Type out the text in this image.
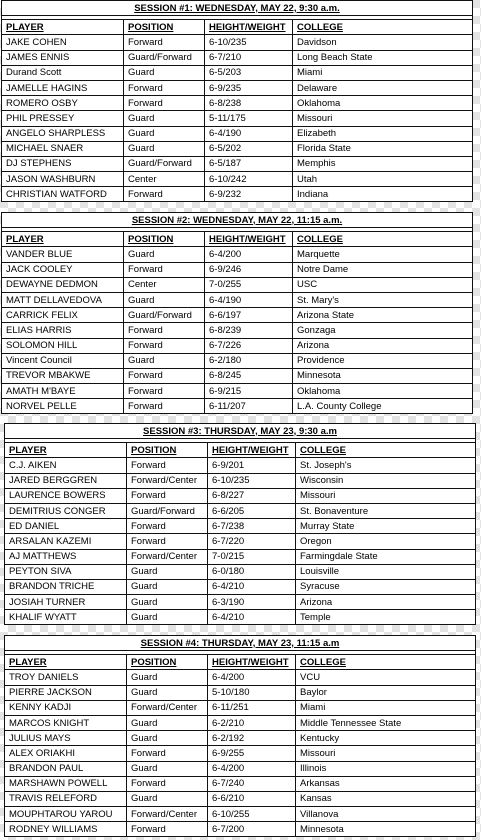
SESSION #1: WEDNESDAY, MAY 22, 9:30 a.m.			

PLAYER	POSITION	HEIGHT/WEIGHT	COLLEGE
JAKE COHEN	Forward	6-10/235	Davidson
JAMES ENNIS	Guard/Forward	6-7/210	Long Beach State
Durand Scott	Guard	6-5/203	Miami
JAMELLE HAGINS	Forward	6-9/235	Delaware
ROMERO OSBY	Forward	6-8/238	Oklahoma
PHIL PRESSEY	Guard	5-11/175	Missouri
ANGELO SHARPLESS	Guard	6-4/190	Elizabeth
MICHAEL SNAER	Guard	6-5/202	Florida State
DJ STEPHENS	Guard/Forward	6-5/187	Memphis
JASON WASHBURN	Center	6-10/242	Utah
CHRISTIAN WATFORD	Forward	6-9/232	Indiana
SESSION #2: WEDNESDAY, MAY 22, 11:15 a.m.			

PLAYER	POSITION	HEIGHT/WEIGHT	COLLEGE
VANDER BLUE	Guard	6-4/200	Marquette
JACK COOLEY	Forward	6-9/246	Notre Dame
DEWAYNE DEDMON	Center	7-0/255	USC
MATT DELLAVEDOVA	Guard	6-4/190	St. Mary's
CARRICK FELIX	Guard/Forward	6-6/197	Arizona State
ELIAS HARRIS	Forward	6-8/239	Gonzaga
SOLOMON HILL	Forward	6-7/226	Arizona
Vincent Council	Guard	6-2/180	Providence
TREVOR MBAKWE	Forward	6-8/245	Minnesota
AMATH M'BAYE	Forward	6-9/215	Oklahoma
NORVEL PELLE	Forward	6-11/207	L.A. County College
SESSION #3: THURSDAY, MAY 23, 9:30 a.m			

PLAYER	POSITION	HEIGHT/WEIGHT	COLLEGE
C.J. AIKEN	Forward	6-9/201	St. Joseph's
JARED BERGGREN	Forward/Center	6-10/235	Wisconsin
LAURENCE BOWERS	Forward	6-8/227	Missouri
DEMITRIUS CONGER	Guard/Forward	6-6/205	St. Bonaventure
ED DANIEL	Forward	6-7/238	Murray State
ARSALAN KAZEMI	Forward	6-7/220	Oregon
AJ MATTHEWS	Forward/Center	7-0/215	Farmingdale State
PEYTON SIVA	Guard	6-0/180	Louisville
BRANDON TRICHE	Guard	6-4/210	Syracuse
JOSIAH TURNER	Guard	6-3/190	Arizona
KHALIF WYATT	Guard	6-4/210	Temple
SESSION #4: THURSDAY, MAY 23, 11:15 a.m			

PLAYER	POSITION	HEIGHT/WEIGHT	COLLEGE
TROY DANIELS	Guard	6-4/200	VCU
PIERRE JACKSON	Guard	5-10/180	Baylor
KENNY KADJI	Forward/Center	6-11/251	Miami
MARCOS KNIGHT	Guard	6-2/210	Middle Tennessee State
JULIUS MAYS	Guard	6-2/192	Kentucky
ALEX ORIAKHI	Forward	6-9/255	Missouri
BRANDON PAUL	Guard	6-4/200	Illinois
MARSHAWN POWELL	Forward	6-7/240	Arkansas
TRAVIS RELEFORD	Guard	6-6/210	Kansas
MOUPHTAROU YAROU	Forward/Center	6-10/255	Villanova
RODNEY WILLIAMS	Forward	6-7/200	Minnesota
